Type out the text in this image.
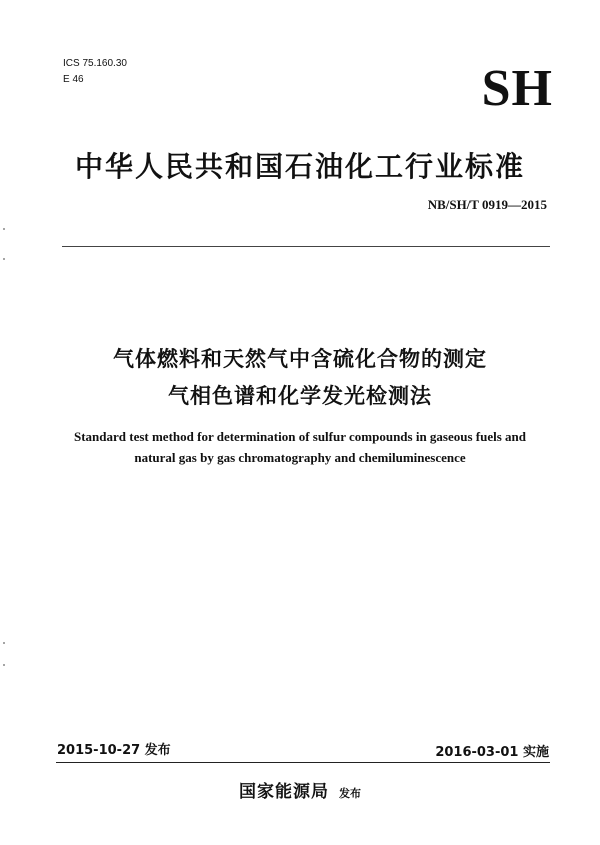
ICS 75.160.30
E 46	SH
中华人民共和国石油化工行业标准
NB/SH/T 0919—2015
气体燃料和天然气中含硫化合物的测定
气相色谱和化学发光检测法
Standard test method for determination of sulfur compounds in gaseous fuels and
natural gas by gas chromatography and chemiluminescence
2015-10-27 发布	2016-03-01 实施
国家能源局 发布
